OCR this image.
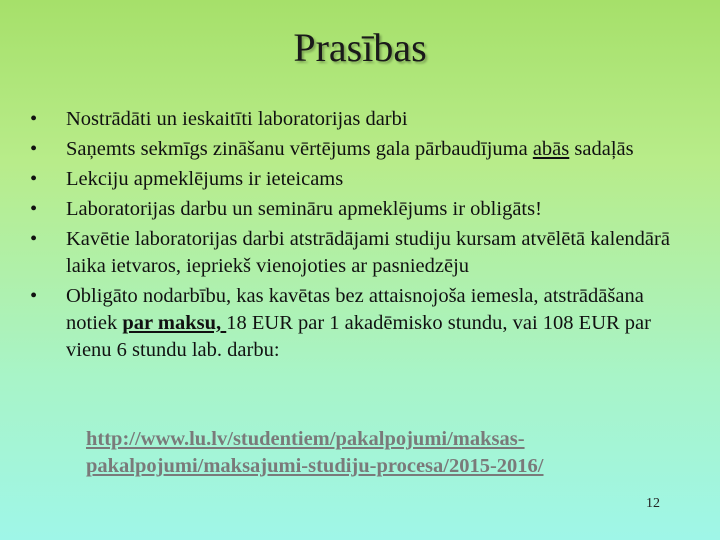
Prasības
•	Nostrādāti un ieskaitīti laboratorijas darbi
•	Saņemts sekmīgs zināšanu vērtējums gala pārbaudījuma abās sadaļās
•	Lekciju apmeklējums ir ieteicams
•	Laboratorijas darbu un semināru apmeklējums ir obligāts!
•	Kavētie laboratorijas darbi atstrādājami studiju kursam atvēlētā kalendārā laika ietvaros, iepriekš vienojoties ar pasniedzēju
•	Obligāto nodarbību, kas kavētas bez attaisnojoša iemesla, atstrādāšana notiek par maksu, 18 EUR par 1 akadēmisko stundu, vai 108 EUR par vienu 6 stundu lab. darbu:
http://www.lu.lv/studentiem/pakalpojumi/maksas-
pakalpojumi/maksajumi-studiju-procesa/2015-2016/
12
